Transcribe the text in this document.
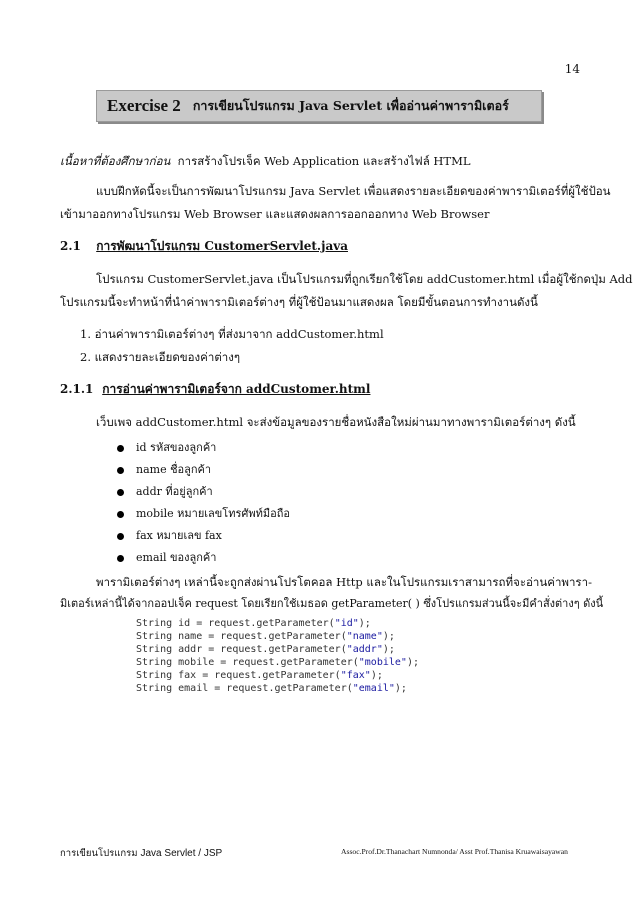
14
Exercise 2 การเขียนโปรแกรม Java Servlet เพื่ออ่านค่าพารามิเตอร์
เนื้อหาที่ต้องศึกษาก่อน การสร้างโปรเจ็ค Web Application และสร้างไฟล์ HTML
แบบฝึกหัดนี้จะเป็นการพัฒนาโปรแกรม Java Servlet เพื่อแสดงรายละเอียดของค่าพารามิเตอร์ที่ผู้ใช้ป้อน
เข้ามาออกทางโปรแกรม Web Browser และแสดงผลการออกออกทาง Web Browser
2.1 การพัฒนาโปรแกรม CustomerServlet.java
โปรแกรม CustomerServlet.java เป็นโปรแกรมที่ถูกเรียกใช้โดย addCustomer.html เมื่อผู้ใช้กดปุ่ม Add
โปรแกรมนี้จะทำหน้าที่นำค่าพารามิเตอร์ต่างๆ ที่ผู้ใช้ป้อนมาแสดงผล โดยมีขั้นตอนการทำงานดังนี้
1. อ่านค่าพารามิเตอร์ต่างๆ ที่ส่งมาจาก addCustomer.html
2. แสดงรายละเอียดของค่าต่างๆ
2.1.1 การอ่านค่าพารามิเตอร์จาก addCustomer.html
เว็บเพจ addCustomer.html จะส่งข้อมูลของรายชื่อหนังสือใหม่ผ่านมาทางพารามิเตอร์ต่างๆ ดังนี้
id รหัสของลูกค้า
name ชื่อลูกค้า
addr ที่อยู่ลูกค้า
mobile หมายเลขโทรศัพท์มือถือ
fax หมายเลข fax
email ของลูกค้า
พารามิเตอร์ต่างๆ เหล่านี้จะถูกส่งผ่านโปรโตคอล Http และในโปรแกรมเราสามารถที่จะอ่านค่าพารา-
มิเตอร์เหล่านี้ได้จากออปเจ็ค request โดยเรียกใช้เมธอด getParameter( ) ซึ่งโปรแกรมส่วนนี้จะมีคำสั่งต่างๆ ดังนี้
String id = request.getParameter("id");
String name = request.getParameter("name");
String addr = request.getParameter("addr");
String mobile = request.getParameter("mobile");
String fax = request.getParameter("fax");
String email = request.getParameter("email");
การเขียนโปรแกรม Java Servlet / JSP	Assoc.Prof.Dr.Thanachart Numnonda/ Asst Prof.Thanisa Kruawaisayawan
